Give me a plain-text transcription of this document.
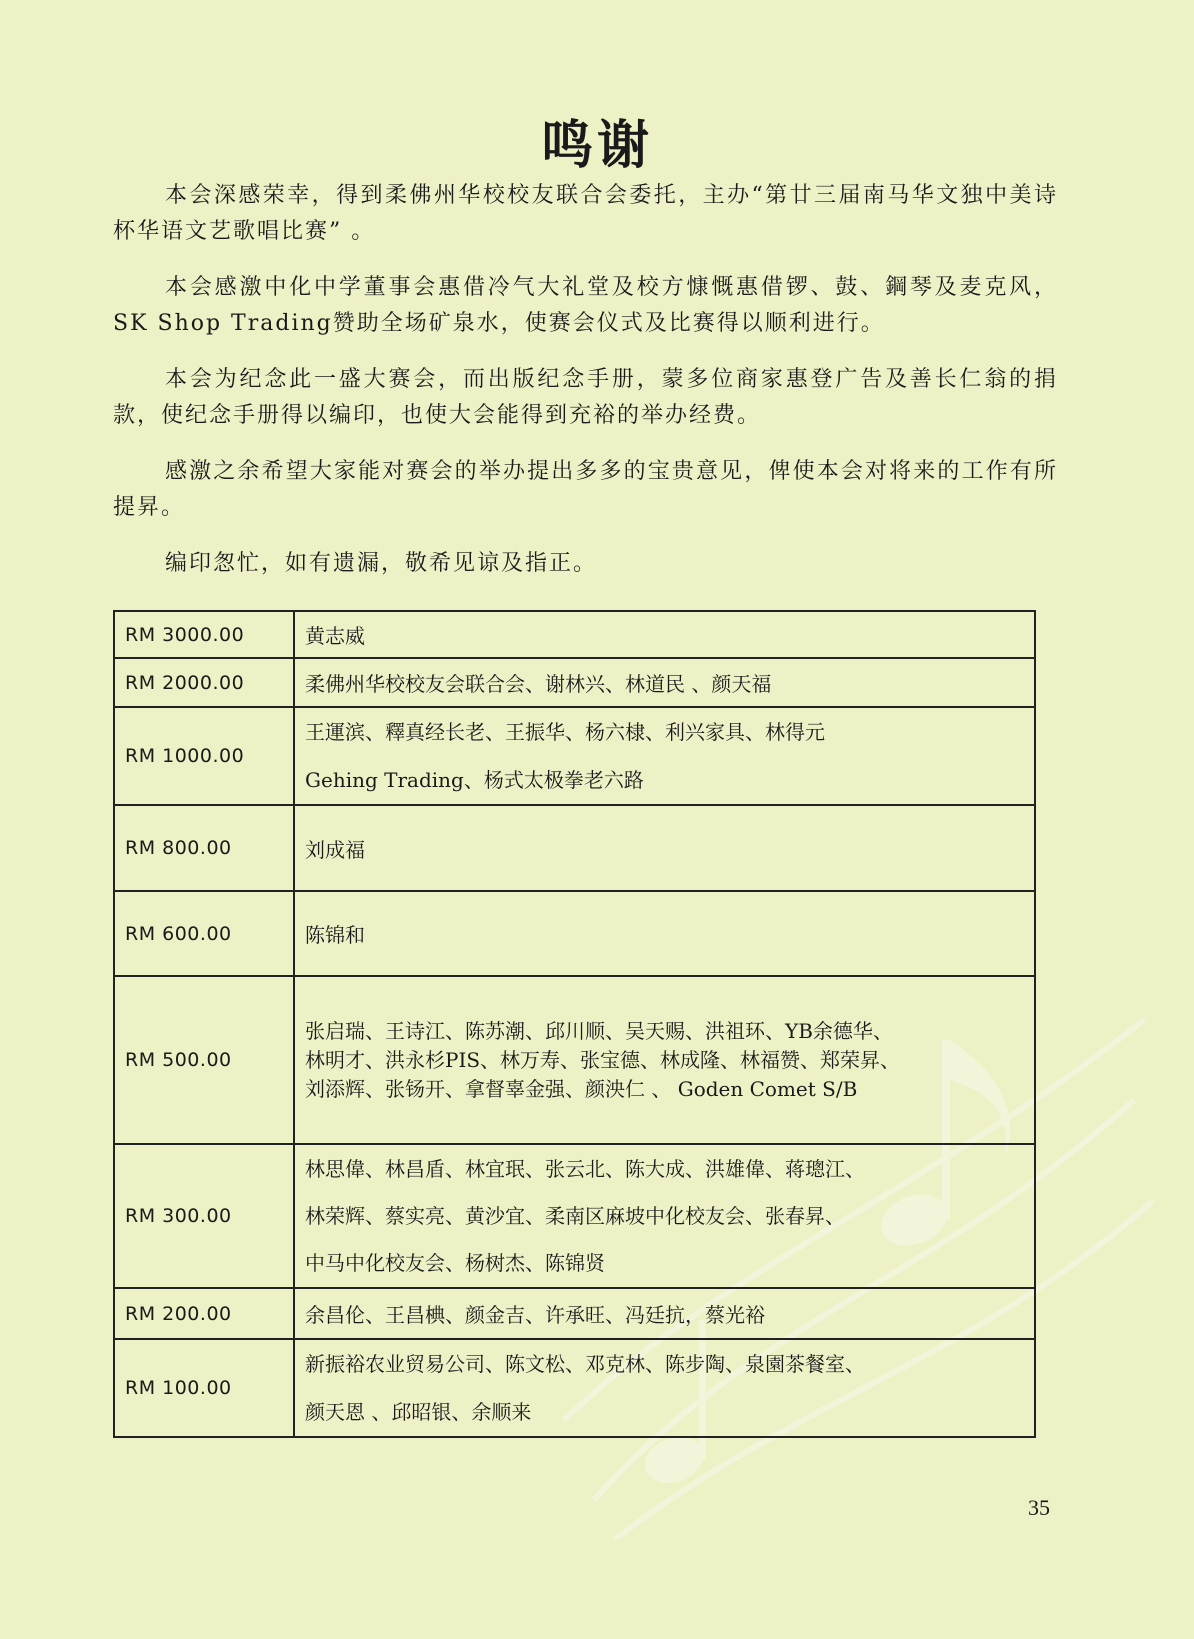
鸣谢

本会深感荣幸，得到柔佛州华校校友联合会委托，主办“第廿三届南马华文独中美诗杯华语文艺歌唱比赛” 。

本会感激中化中学董事会惠借冷气大礼堂及校方慷慨惠借锣、鼓、鋼琴及麦克风，SK Shop Trading赞助全场矿泉水，使赛会仪式及比赛得以顺利进行。

本会为纪念此一盛大赛会，而出版纪念手册，蒙多位商家惠登广告及善长仁翁的捐款，使纪念手册得以编印，也使大会能得到充裕的举办经费。

感激之余希望大家能对赛会的举办提出多多的宝贵意见，俾使本会对将来的工作有所提昇。

编印怱忙，如有遗漏，敬希见谅及指正。

RM 3000.00	黄志威

RM 2000.00	柔佛州华校校友会联合会、谢林兴、林道民 、颜天福

RM 1000.00	王運滨、釋真经长老、王振华、杨六棣、利兴家具、林得元
Gehing Trading、杨式太极拳老六路

RM 800.00	刘成福

RM 600.00	陈锦和

RM 500.00	张启瑞、王诗江、陈苏潮、邱川顺、吴天赐、洪祖环、YB余德华、
林明才、洪永杉PIS、林万寿、张宝德、林成隆、林福赞、郑荣昇、
刘添辉、张钖开、拿督辜金强、颜泱仁 、 Goden Comet S/B

RM 300.00	林思偉、林昌盾、林宜珉、张云北、陈大成、洪雄偉、蒋璁江、
林荣辉、蔡实亮、黄沙宜、柔南区麻坡中化校友会、张春昇、
中马中化校友会、杨树杰、陈锦贤

RM 200.00	余昌伦、王昌椣、颜金吉、许承旺、冯廷抗，蔡光裕

RM 100.00	新振裕农业贸易公司、陈文松、邓克林、陈步陶、泉園茶餐室、
颜天恩 、邱昭银、余顺来
35
